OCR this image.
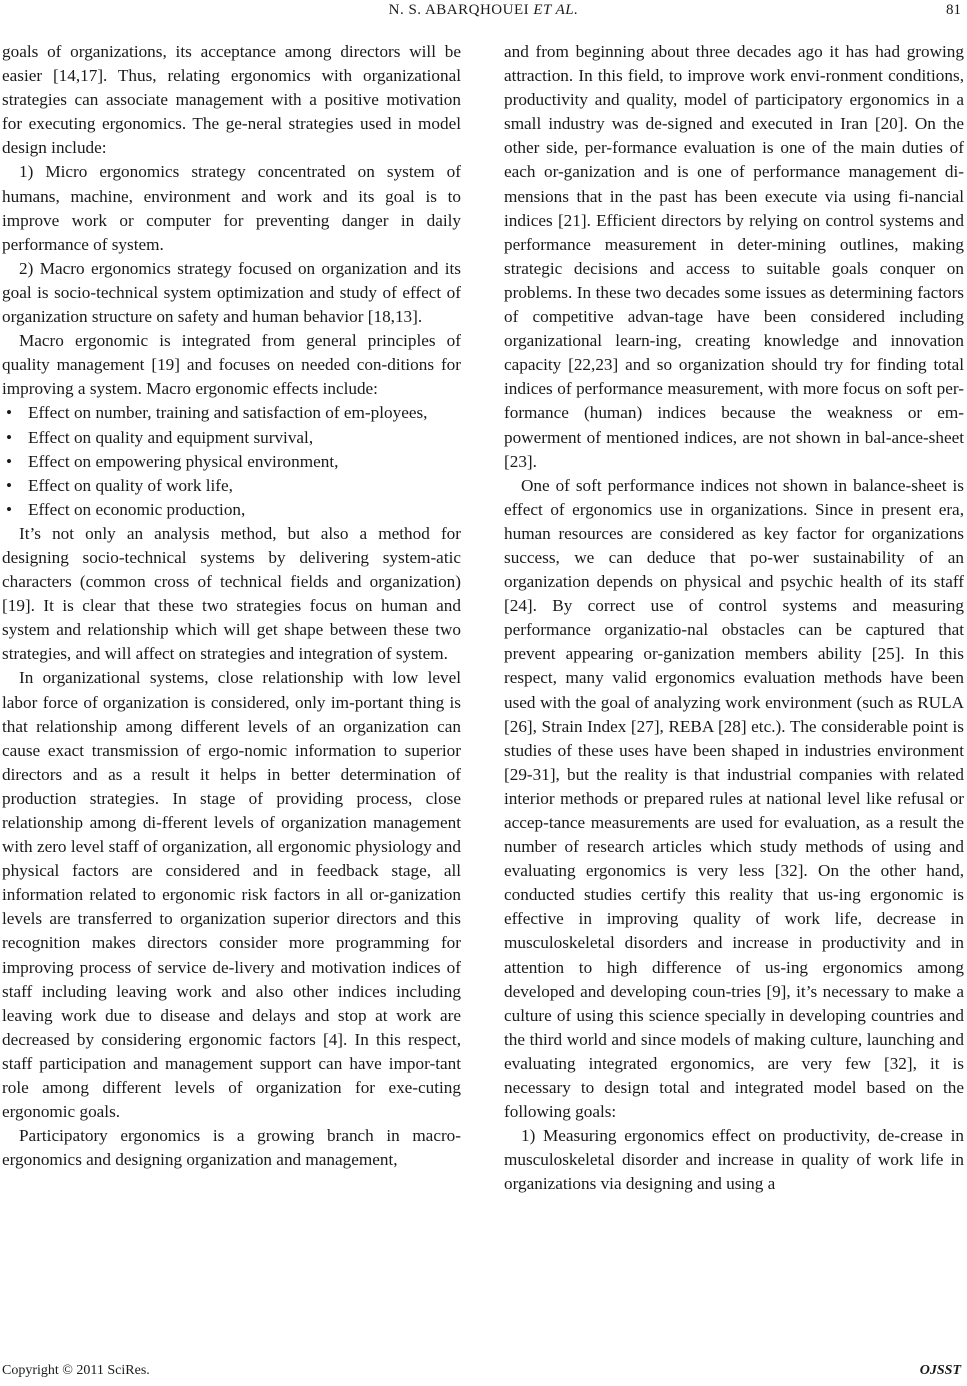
N. S. ABARQHOUEI ET AL.	81

goals of organizations, its acceptance among directors will be easier [14,17]. Thus, relating ergonomics with organizational strategies can associate management with a positive motivation for executing ergonomics. The ge-neral strategies used in model design include:

1) Micro ergonomics strategy concentrated on system of humans, machine, environment and work and its goal is to improve work or computer for preventing danger in daily performance of system.

2) Macro ergonomics strategy focused on organization and its goal is socio-technical system optimization and study of effect of organization structure on safety and human behavior [18,13].

Macro ergonomic is integrated from general principles of quality management [19] and focuses on needed con-ditions for improving a system. Macro ergonomic effects include:

• Effect on number, training and satisfaction of em-ployees,
• Effect on quality and equipment survival,
• Effect on empowering physical environment,
• Effect on quality of work life,
• Effect on economic production,

It’s not only an analysis method, but also a method for designing socio-technical systems by delivering system-atic characters (common cross of technical fields and organization) [19]. It is clear that these two strategies focus on human and system and relationship which will get shape between these two strategies, and will affect on strategies and integration of system.

In organizational systems, close relationship with low level labor force of organization is considered, only im-portant thing is that relationship among different levels of an organization can cause exact transmission of ergo-nomic information to superior directors and as a result it helps in better determination of production strategies. In stage of providing process, close relationship among di-fferent levels of organization management with zero level staff of organization, all ergonomic physiology and physical factors are considered and in feedback stage, all information related to ergonomic risk factors in all or-ganization levels are transferred to organization superior directors and this recognition makes directors consider more programming for improving process of service de-livery and motivation indices of staff including leaving work and also other indices including leaving work due to disease and delays and stop at work are decreased by considering ergonomic factors [4]. In this respect, staff participation and management support can have impor-tant role among different levels of organization for exe-cuting ergonomic goals.

Participatory ergonomics is a growing branch in macro-ergonomics and designing organization and management,

and from beginning about three decades ago it has had growing attraction. In this field, to improve work envi-ronment conditions, productivity and quality, model of participatory ergonomics in a small industry was de-signed and executed in Iran [20]. On the other side, per-formance evaluation is one of the main duties of each or-ganization and is one of performance management di-mensions that in the past has been execute via using fi-nancial indices [21]. Efficient directors by relying on control systems and performance measurement in deter-mining outlines, making strategic decisions and access to suitable goals conquer on problems. In these two decades some issues as determining factors of competitive advan-tage have been considered including organizational learn-ing, creating knowledge and innovation capacity [22,23] and so organization should try for finding total indices of performance measurement, with more focus on soft per-formance (human) indices because the weakness or em-powerment of mentioned indices, are not shown in bal-ance-sheet [23].

One of soft performance indices not shown in balance-sheet is effect of ergonomics use in organizations. Since in present era, human resources are considered as key factor for organizations success, we can deduce that po-wer sustainability of an organization depends on physical and psychic health of its staff [24]. By correct use of control systems and measuring performance organizatio-nal obstacles can be captured that prevent appearing or-ganization members ability [25]. In this respect, many valid ergonomics evaluation methods have been used with the goal of analyzing work environment (such as RULA [26], Strain Index [27], REBA [28] etc.). The considerable point is studies of these uses have been shaped in industries environment [29-31], but the reality is that industrial companies with related interior methods or prepared rules at national level like refusal or accep-tance measurements are used for evaluation, as a result the number of research articles which study methods of using and evaluating ergonomics is very less [32]. On the other hand, conducted studies certify this reality that us-ing ergonomic is effective in improving quality of work life, decrease in musculoskeletal disorders and increase in productivity and in attention to high difference of us-ing ergonomics among developed and developing coun-tries [9], it’s necessary to make a culture of using this science specially in developing countries and the third world and since models of making culture, launching and evaluating integrated ergonomics, are very few [32], it is necessary to design total and integrated model based on the following goals:

1) Measuring ergonomics effect on productivity, de-crease in musculoskeletal disorder and increase in quality of work life in organizations via designing and using a

Copyright © 2011 SciRes.	OJSST
